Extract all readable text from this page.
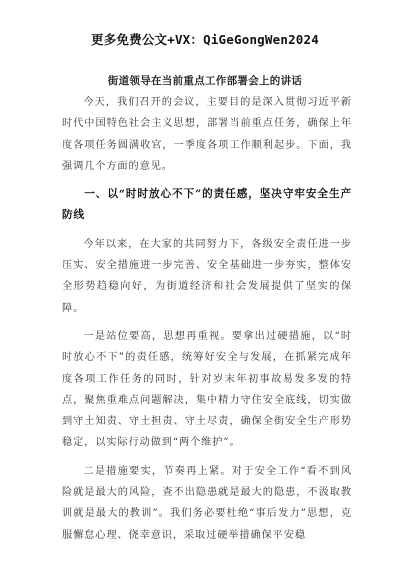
更多免费公文+VX：QiGeGongWen2024
街道领导在当前重点工作部署会上的讲话

今天，我们召开的会议，主要目的是深入贯彻习近平新时代中国特色社会主义思想，部署当前重点任务，确保上年度各项任务圆满收官，一季度各项工作顺利起步。下面，我强调几个方面的意见。

一、以“时时放心不下”的责任感，坚决守牢安全生产防线

今年以来，在大家的共同努力下，各级安全责任进一步压实、安全措施进一步完善、安全基础进一步夯实，整体安全形势趋稳向好，为街道经济和社会发展提供了坚实的保障。

一是站位要高，思想再重视。要拿出过硬措施，以“时时放心不下”的责任感，统筹好安全与发展，在抓紧完成年度各项工作任务的同时，针对岁末年初事故易发多发的特点，聚焦重难点问题解决，集中精力守住安全底线，切实做到守土知责、守土担责、守土尽责，确保全街安全生产形势稳定，以实际行动做到“两个维护”。

二是措施要实，节奏再上紧。对于安全工作“看不到风险就是最大的风险，查不出隐患就是最大的隐患，不汲取教训就是最大的教训”。我们务必要杜绝“事后发力”思想，克服懈怠心理、侥幸意识，采取过硬举措确保平安稳
